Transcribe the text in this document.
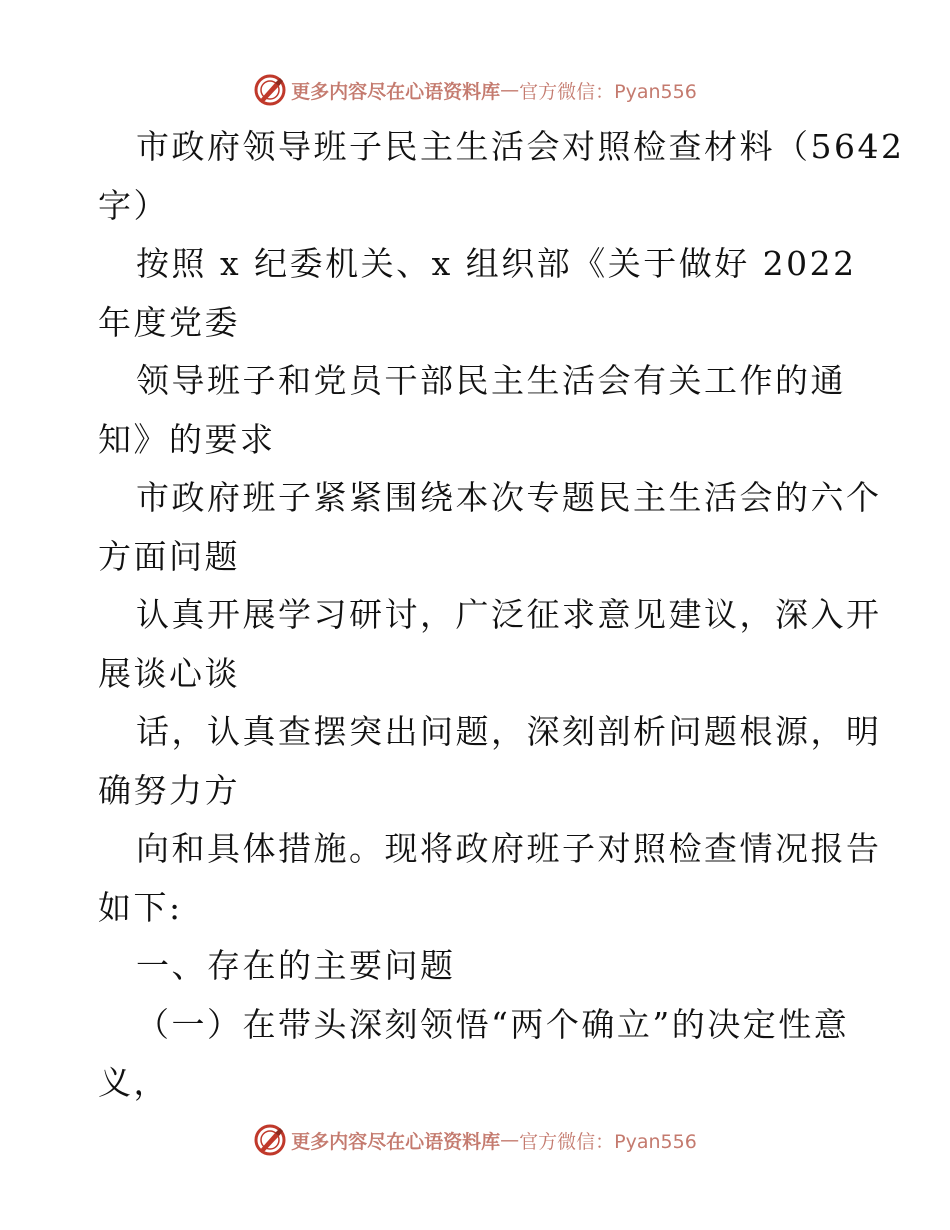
更多内容尽在心语资料库 — 官方微信：Pyan556
市政府领导班子民主生活会对照检查材料（5642
字）
按照 x 纪委机关、x 组织部《关于做好 2022
年度党委
领导班子和党员干部民主生活会有关工作的通
知》的要求
市政府班子紧紧围绕本次专题民主生活会的六个
方面问题
认真开展学习研讨，广泛征求意见建议，深入开
展谈心谈
话，认真查摆突出问题，深刻剖析问题根源，明
确努力方
向和具体措施。现将政府班子对照检查情况报告
如下:
一、存在的主要问题
（一）在带头深刻领悟“两个确立”的决定性意
义，
更多内容尽在心语资料库 — 官方微信：Pyan556
